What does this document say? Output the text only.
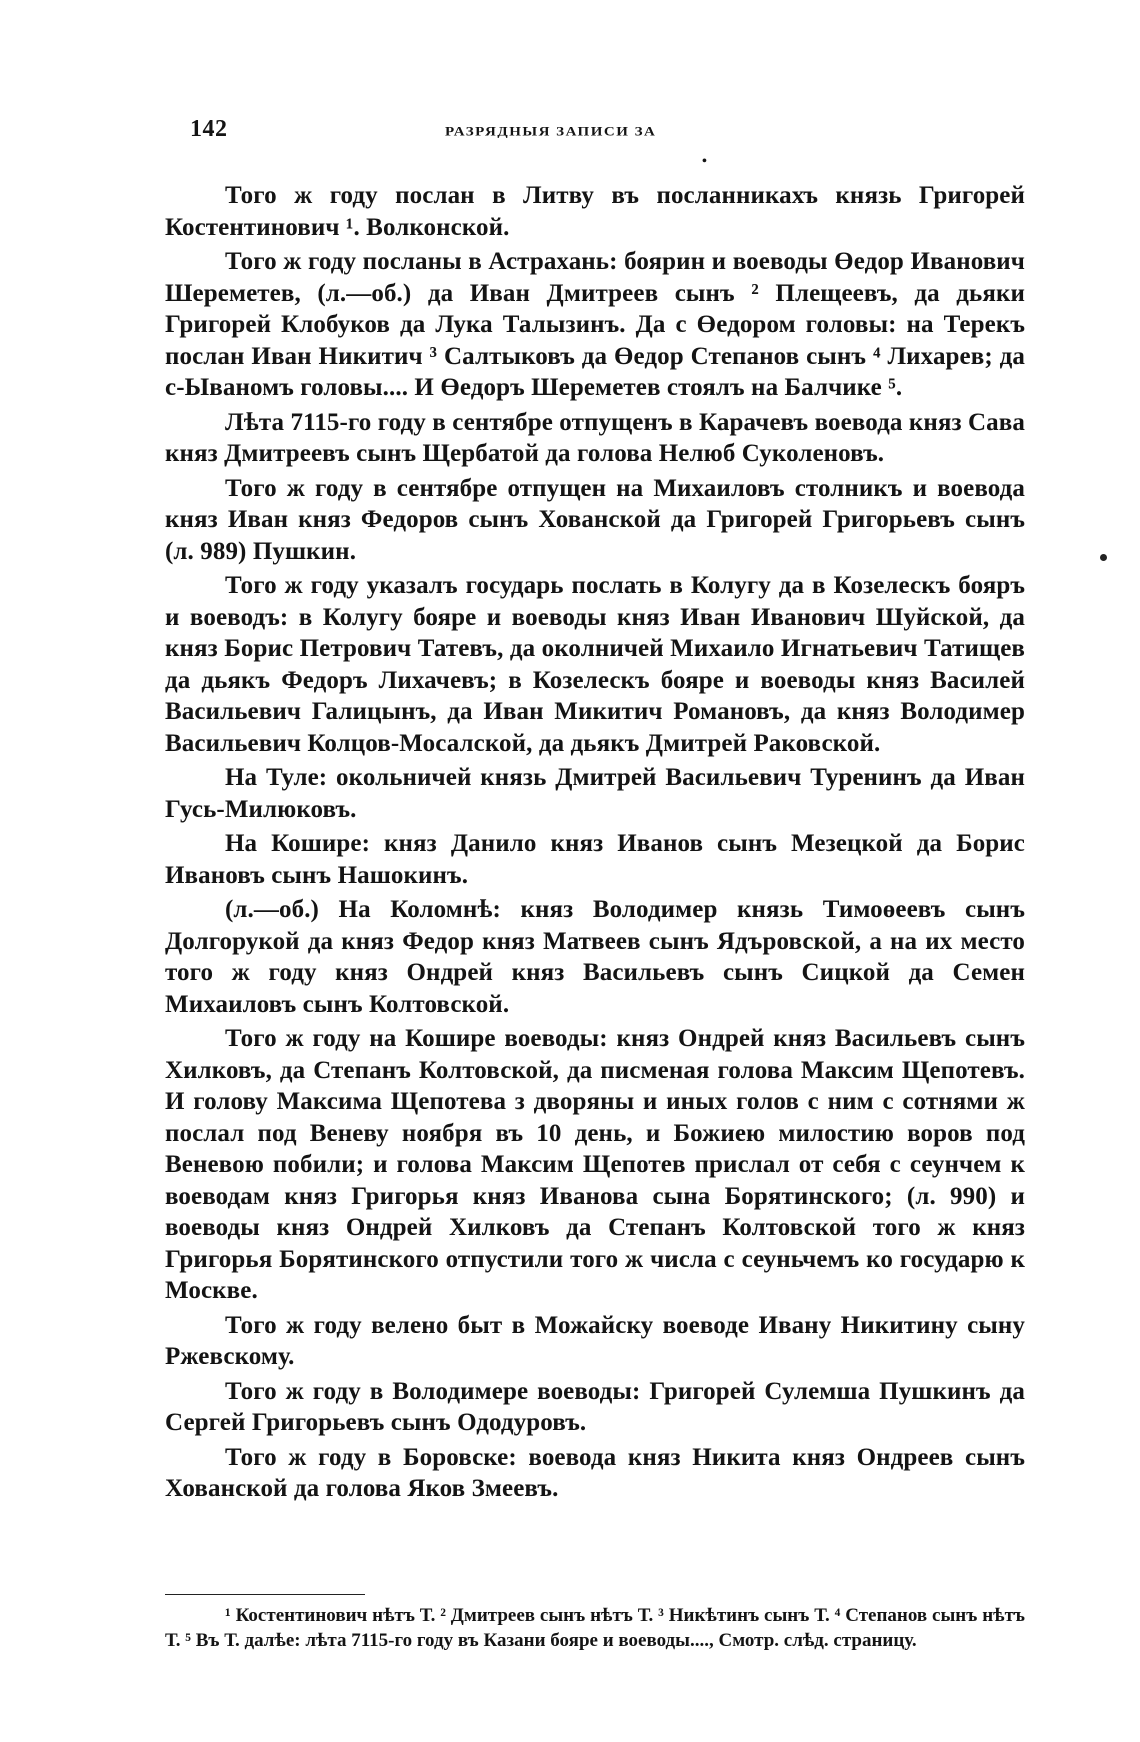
142	РАЗРЯДНЫЯ ЗАПИСИ ЗА
•

Того ж году послан в Литву въ посланникахъ князь Григорей Костентинович ¹. Волконской.

Того ж году посланы в Астрахань: боярин и воеводы Өедор Иванович Шереметев, (л.—об.) да Иван Дмитреев сынъ ² Плещеевъ, да дьяки Григорей Клобуков да Лука Талызинъ. Да с Өедором головы: на Терекъ послан Иван Никитич ³ Салтыковъ да Өедор Степанов сынъ ⁴ Лихарев; да с-Ываномъ головы.... И Өедоръ Шереметев стоялъ на Балчике ⁵.

Лѣта 7115-го году в сентябре отпущенъ в Карачевъ воевода княз Сава княз Дмитреевъ сынъ Щербатой да голова Нелюб Суколеновъ.

Того ж году в сентябре отпущен на Михаиловъ столникъ и воевода княз Иван княз Федоров сынъ Хованской да Григорей Григорьевъ сынъ (л. 989) Пушкин.

Того ж году указалъ государь послать в Колугу да в Козелескъ бояръ и воеводъ: в Колугу бояре и воеводы княз Иван Иванович Шуйской, да княз Борис Петрович Татевъ, да околничей Михаило Игнатьевич Татищев да дьякъ Федоръ Лихачевъ; в Козелескъ бояре и воеводы княз Василей Васильевич Галицынъ, да Иван Микитич Романовъ, да княз Володимер Васильевич Колцов-Мосалской, да дьякъ Дмитрей Раковской.

На Туле: окольничей князь Дмитрей Васильевич Туренинъ да Иван Гусь-Милюковъ.

На Кошире: княз Данило княз Иванов сынъ Мезецкой да Борис Ивановъ сынъ Нашокинъ.

(л.—об.) На Коломнѣ: княз Володимер князь Тимоөеевъ сынъ Долгорукой да княз Федор княз Матвеев сынъ Ядъровской, а на их место того ж году княз Ондрей княз Васильевъ сынъ Сицкой да Семен Михаиловъ сынъ Колтовской.

Того ж году на Кошире воеводы: княз Ондрей княз Васильевъ сынъ Хилковъ, да Степанъ Колтовской, да писменая голова Максим Щепотевъ. И голову Максима Щепотева з дворяны и иных голов с ним с сотнями ж послал под Веневу ноября въ 10 день, и Божиею милостию воров под Веневою побили; и голова Максим Щепотев прислал от себя с сеунчем к воеводам княз Григорья княз Иванова сына Борятинского; (л. 990) и воеводы княз Ондрей Хилковъ да Степанъ Колтовской того ж княз Григорья Борятинского отпустили того ж числа с сеуньчемъ ко государю к Москве.

Того ж году велено быт в Можайску воеводе Ивану Никитину сыну Ржевскому.

Того ж году в Володимере воеводы: Григорей Сулемша Пушкинъ да Сергей Григорьевъ сынъ Ододуровъ.

Того ж году в Боровске: воевода княз Никита княз Ондреев сынъ Хованской да голова Яков Змеевъ.

¹ Костентинович нѣтъ Т. ² Дмитреев сынъ нѣтъ Т. ³ Никѣтинъ сынъ Т. ⁴ Степанов сынъ нѣтъ Т. ⁵ Въ Т. далѣе: лѣта 7115-го году въ Казани бояре и воеводы...., Смотр. слѣд. страницу.
